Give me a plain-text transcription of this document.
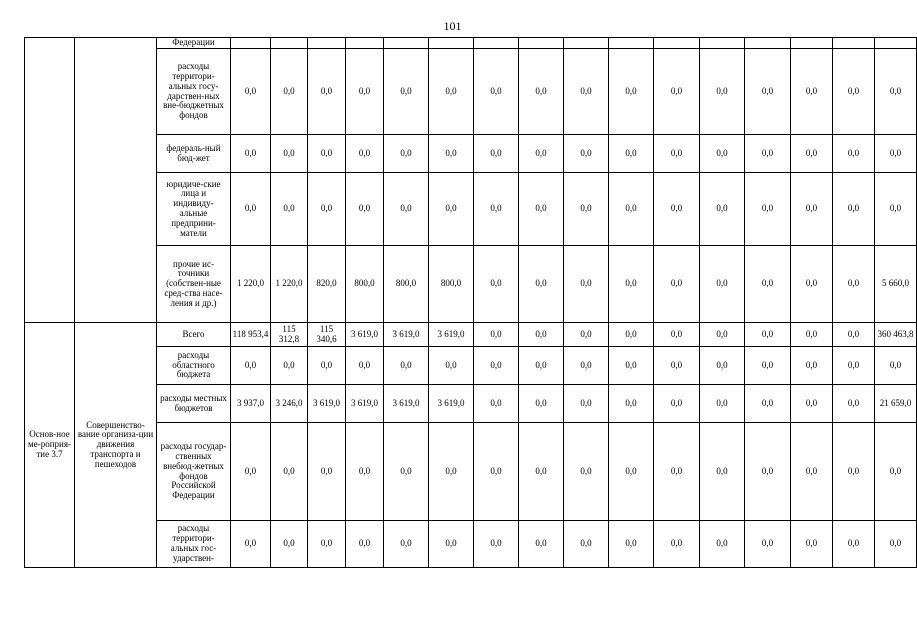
101
		Федерации																
		расходы территори-альных госу-дарствен-ных вне-бюджетных фондов	0,0	0,0	0,0	0,0	0,0	0,0	0,0	0,0	0,0	0,0	0,0	0,0	0,0	0,0	0,0	0,0
		федераль-ный бюд-жет	0,0	0,0	0,0	0,0	0,0	0,0	0,0	0,0	0,0	0,0	0,0	0,0	0,0	0,0	0,0	0,0
		юридиче-ские лица и индивиду-альные предприни-матели	0,0	0,0	0,0	0,0	0,0	0,0	0,0	0,0	0,0	0,0	0,0	0,0	0,0	0,0	0,0	0,0
		прочие ис-точники (собствен-ные сред-ства насе-ления и др.)	1 220,0	1 220,0	820,0	800,0	800,0	800,0	0,0	0,0	0,0	0,0	0,0	0,0	0,0	0,0	0,0	5 660,0
Основ-ное ме-роприя-тие 3.7	Совершенство-вание организа-ции движения транспорта и пешеходов	Всего	118 953,4	115 312,8	115 340,6	3 619,0	3 619,0	3 619,0	0,0	0,0	0,0	0,0	0,0	0,0	0,0	0,0	0,0	360 463,8
		расходы областного бюджета	0,0	0,0	0,0	0,0	0,0	0,0	0,0	0,0	0,0	0,0	0,0	0,0	0,0	0,0	0,0	0,0
		расходы местных бюджетов	3 937,0	3 246,0	3 619,0	3 619,0	3 619,0	3 619,0	0,0	0,0	0,0	0,0	0,0	0,0	0,0	0,0	0,0	21 659,0
		расходы государ-ственных внебюд-жетных фондов Российской Федерации	0,0	0,0	0,0	0,0	0,0	0,0	0,0	0,0	0,0	0,0	0,0	0,0	0,0	0,0	0,0	0,0
		расходы территори-альных гос-ударствен-	0,0	0,0	0,0	0,0	0,0	0,0	0,0	0,0	0,0	0,0	0,0	0,0	0,0	0,0	0,0	0,0
